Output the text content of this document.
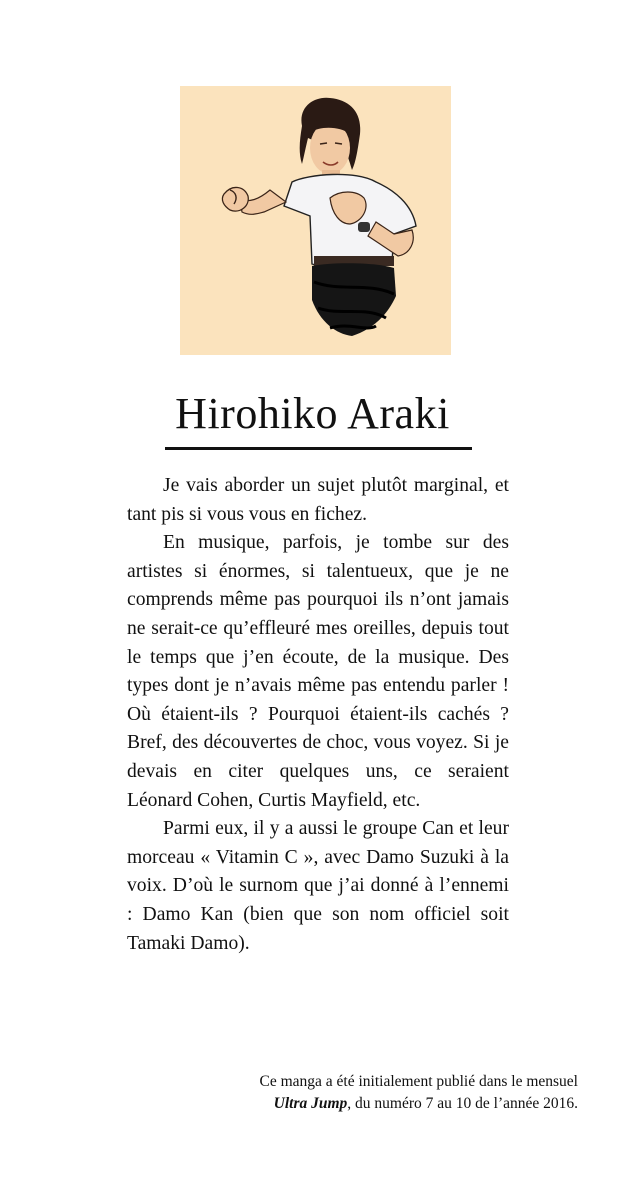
Hirohiko Araki

Je vais aborder un sujet plutôt marginal, et tant pis si vous vous en fichez.

En musique, parfois, je tombe sur des artistes si énormes, si talentueux, que je ne comprends même pas pourquoi ils n’ont jamais ne serait-ce qu’effleuré mes oreilles, depuis tout le temps que j’en écoute, de la musique. Des types dont je n’avais même pas entendu parler ! Où étaient-ils ? Pourquoi étaient-ils cachés ? Bref, des découvertes de choc, vous voyez. Si je devais en citer quelques uns, ce seraient Léonard Cohen, Curtis Mayfield, etc.

Parmi eux, il y a aussi le groupe Can et leur morceau « Vitamin C », avec Damo Suzuki à la voix. D’où le surnom que j’ai donné à l’ennemi : Damo Kan (bien que son nom officiel soit Tamaki Damo).

Ce manga a été initialement publié dans le mensuel Ultra Jump, du numéro 7 au 10 de l’année 2016.
